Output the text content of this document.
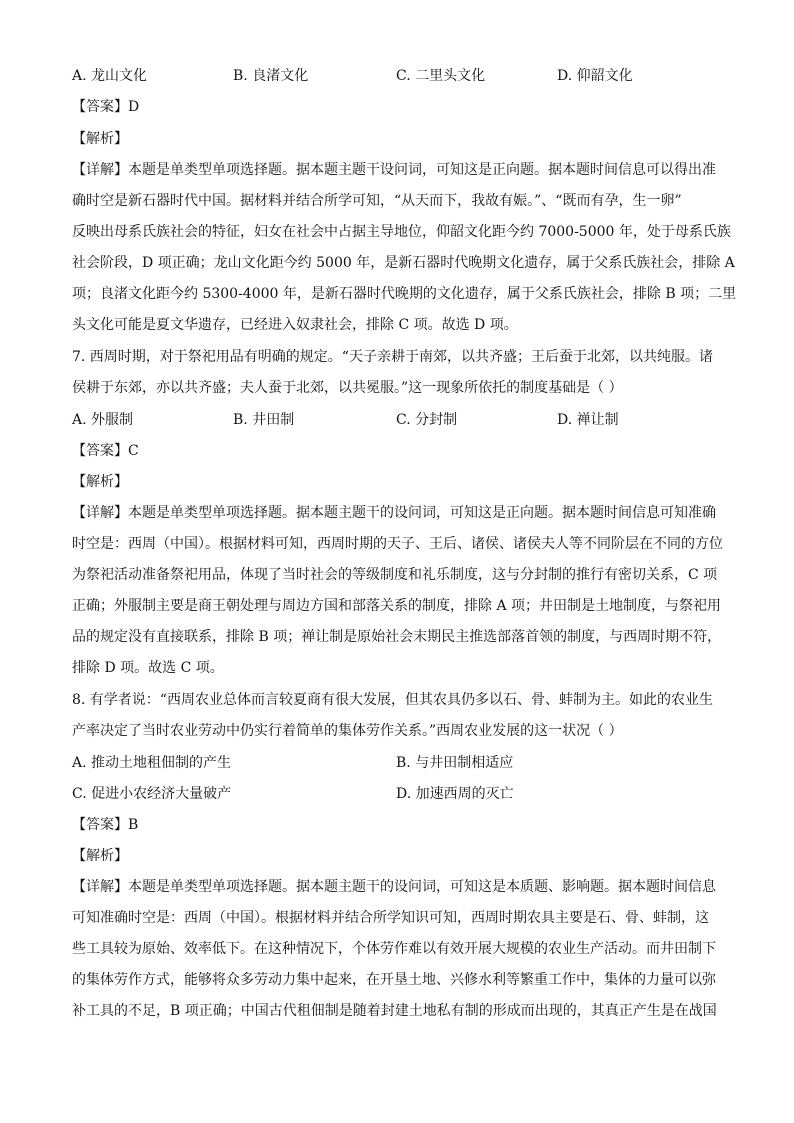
A. 龙山文化	B. 良渚文化	C. 二里头文化	D. 仰韶文化
【答案】D
【解析】
【详解】本题是单类型单项选择题。据本题主题干设问词，可知这是正向题。据本题时间信息可以得出准
确时空是新石器时代中国。据材料并结合所学可知，“从天而下，我故有娠。”、“既而有孕，生一卵”
反映出母系氏族社会的特征，妇女在社会中占据主导地位，仰韶文化距今约 7000-5000 年，处于母系氏族
社会阶段，D 项正确；龙山文化距今约 5000 年，是新石器时代晚期文化遗存，属于父系氏族社会，排除 A
项；良渚文化距今约 5300-4000 年，是新石器时代晚期的文化遗存，属于父系氏族社会，排除 B 项；二里
头文化可能是夏文华遗存，已经进入奴隶社会，排除 C 项。故选 D 项。
7. 西周时期，对于祭祀用品有明确的规定。“天子亲耕于南郊，以共齐盛；王后蚕于北郊，以共纯服。诸
侯耕于东郊，亦以共齐盛；夫人蚕于北郊，以共冕服。”这一现象所依托的制度基础是（ ）
A. 外服制	B. 井田制	C. 分封制	D. 禅让制
【答案】C
【解析】
【详解】本题是单类型单项选择题。据本题主题干的设问词，可知这是正向题。据本题时间信息可知准确
时空是：西周（中国）。根据材料可知，西周时期的天子、王后、诸侯、诸侯夫人等不同阶层在不同的方位
为祭祀活动准备祭祀用品，体现了当时社会的等级制度和礼乐制度，这与分封制的推行有密切关系，C 项
正确；外服制主要是商王朝处理与周边方国和部落关系的制度，排除 A 项；井田制是土地制度，与祭祀用
品的规定没有直接联系，排除 B 项；禅让制是原始社会末期民主推选部落首领的制度，与西周时期不符，
排除 D 项。故选 C 项。
8. 有学者说：“西周农业总体而言较夏商有很大发展，但其农具仍多以石、骨、蚌制为主。如此的农业生
产率决定了当时农业劳动中仍实行着简单的集体劳作关系。”西周农业发展的这一状况（ ）
A. 推动土地租佃制的产生	B. 与井田制相适应
C. 促进小农经济大量破产	D. 加速西周的灭亡
【答案】B
【解析】
【详解】本题是单类型单项选择题。据本题主题干的设问词，可知这是本质题、影响题。据本题时间信息
可知准确时空是：西周（中国）。根据材料并结合所学知识可知，西周时期农具主要是石、骨、蚌制，这
些工具较为原始、效率低下。在这种情况下，个体劳作难以有效开展大规模的农业生产活动。而井田制下
的集体劳作方式，能够将众多劳动力集中起来，在开垦土地、兴修水利等繁重工作中，集体的力量可以弥
补工具的不足，B 项正确；中国古代租佃制是随着封建土地私有制的形成而出现的，其真正产生是在战国
